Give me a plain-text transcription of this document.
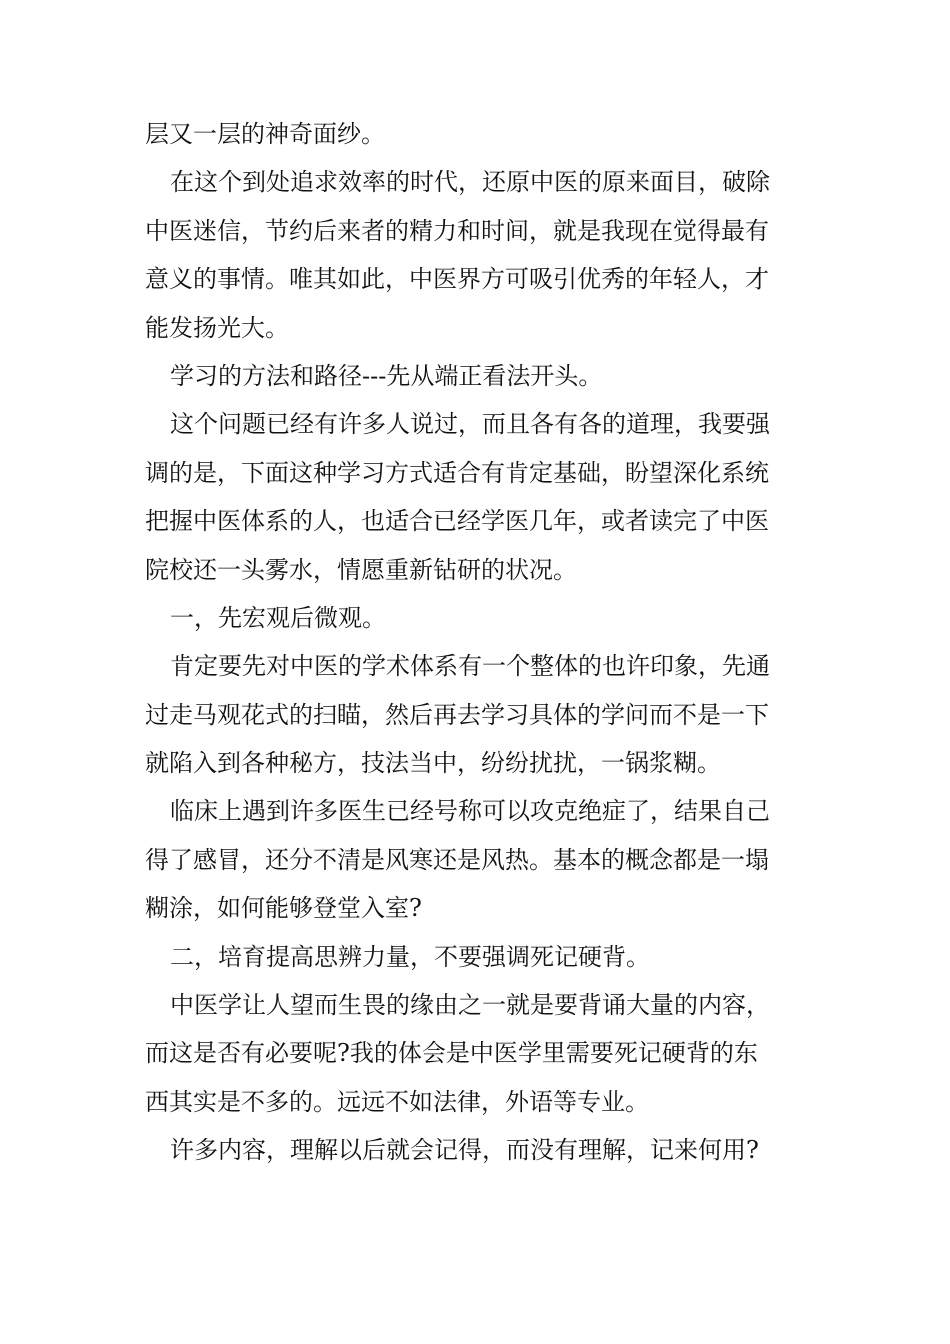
层又一层的神奇面纱。
在这个到处追求效率的时代，还原中医的原来面目，破除
中医迷信，节约后来者的精力和时间，就是我现在觉得最有
意义的事情。唯其如此，中医界方可吸引优秀的年轻人，才
能发扬光大。
学习的方法和路径---先从端正看法开头。
这个问题已经有许多人说过，而且各有各的道理，我要强
调的是，下面这种学习方式适合有肯定基础，盼望深化系统
把握中医体系的人，也适合已经学医几年，或者读完了中医
院校还一头雾水，情愿重新钻研的状况。
一，先宏观后微观。
肯定要先对中医的学术体系有一个整体的也许印象，先通
过走马观花式的扫瞄，然后再去学习具体的学问而不是一下
就陷入到各种秘方，技法当中，纷纷扰扰，一锅浆糊。
临床上遇到许多医生已经号称可以攻克绝症了，结果自己
得了感冒，还分不清是风寒还是风热。基本的概念都是一塌
糊涂，如何能够登堂入室?
二，培育提高思辨力量，不要强调死记硬背。
中医学让人望而生畏的缘由之一就是要背诵大量的内容，
而这是否有必要呢?我的体会是中医学里需要死记硬背的东
西其实是不多的。远远不如法律，外语等专业。
许多内容，理解以后就会记得，而没有理解，记来何用?
